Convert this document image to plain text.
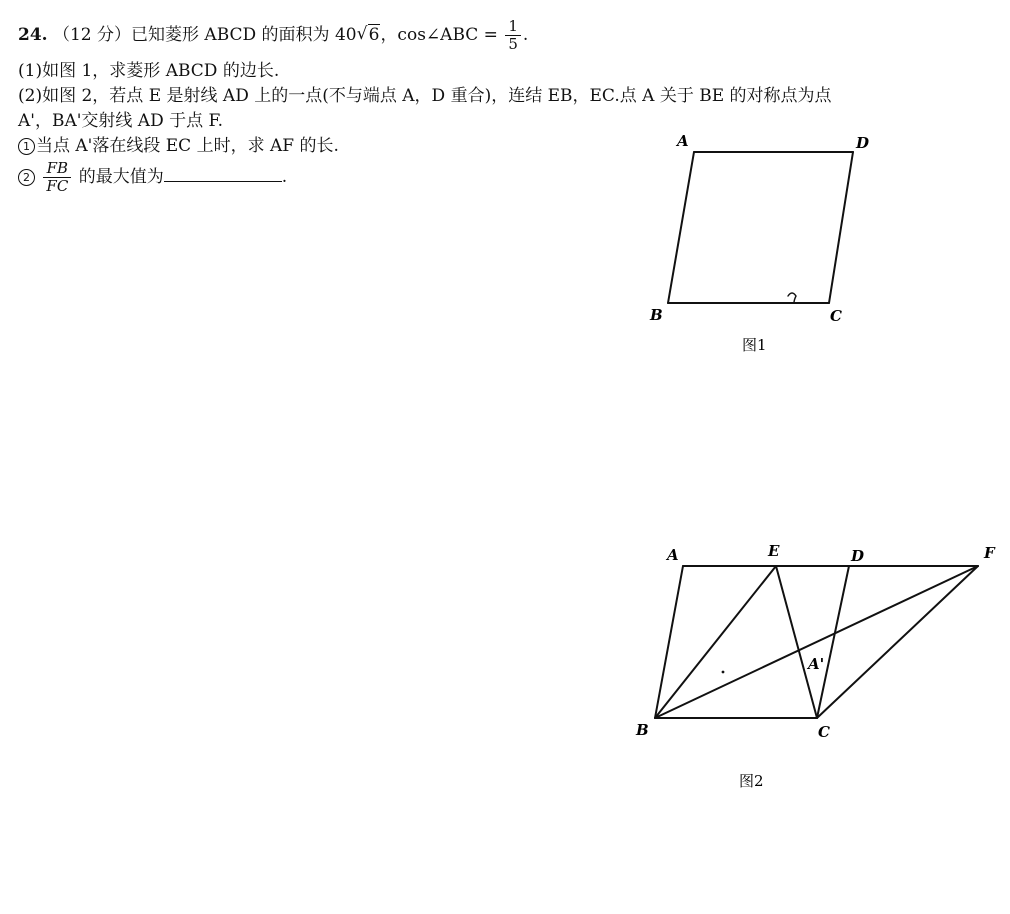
24. （12 分）已知菱形 ABCD 的面积为 40 √ 6，cos∠ABC = $\frac{1}{5}$ .
(1)如图 1，求菱形 ABCD 的边长.
(2)如图 2，若点 E 是射线 AD 上的一点(不与端点 A，D 重合)，连结 EB，EC.点 A 关于 BE 的对称点为点
A'，BA'交射线 AD 于点 F.
1 当点 A'落在线段 EC 上时，求 AF 的长.
$2 \frac{FB}{FC}$ 的最大值为	.
A	D
B	C
图1
A	E	D	F
A'
B	C
图2
